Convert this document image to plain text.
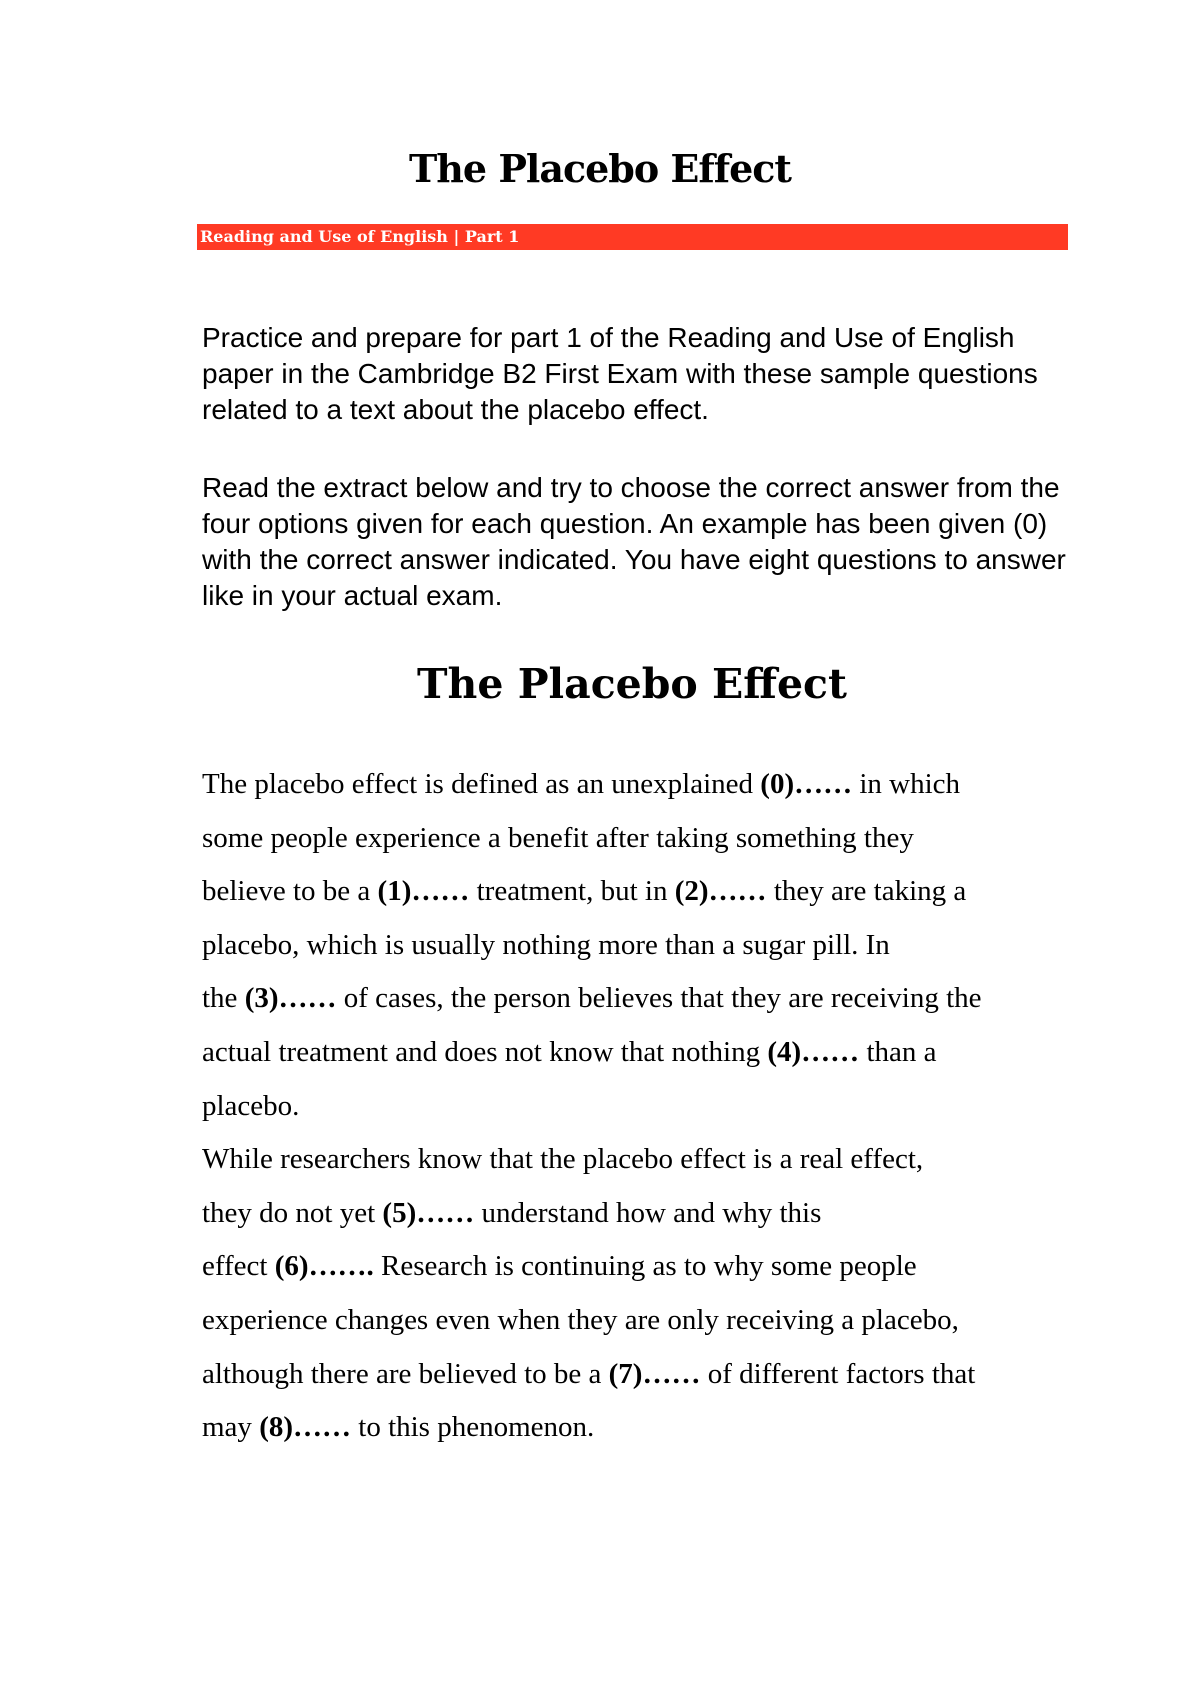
The Placebo Effect
Reading and Use of English | Part 1

Practice and prepare for part 1 of the Reading and Use of English paper in the Cambridge B2 First Exam with these sample questions related to a text about the placebo effect.

Read the extract below and try to choose the correct answer from the four options given for each question. An example has been given (0) with the correct answer indicated. You have eight questions to answer like in your actual exam.

The Placebo Effect
The placebo effect is defined as an unexplained (0)…… in which
some people experience a benefit after taking something they
believe to be a (1)…… treatment, but in (2)…… they are taking a
placebo, which is usually nothing more than a sugar pill. In
the (3)…… of cases, the person believes that they are receiving the
actual treatment and does not know that nothing (4)…… than a
placebo.
While researchers know that the placebo effect is a real effect,
they do not yet (5)…… understand how and why this
effect (6)……. Research is continuing as to why some people
experience changes even when they are only receiving a placebo,
although there are believed to be a (7)…… of different factors that
may (8)…… to this phenomenon.
